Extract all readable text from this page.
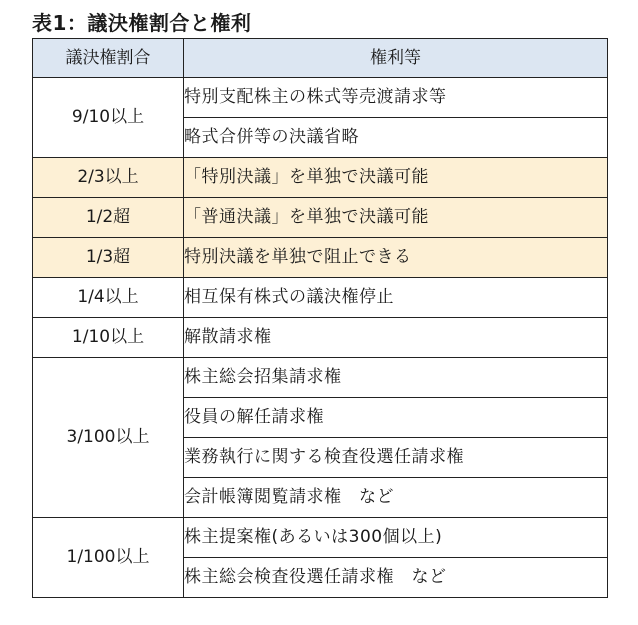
表1：議決権割合と権利
議決権割合	権利等
9/10以上	特別支配株主の株式等売渡請求等
	略式合併等の決議省略
2/3以上	「特別決議」を単独で決議可能
1/2超	「普通決議」を単独で決議可能
1/3超	特別決議を単独で阻止できる
1/4以上	相互保有株式の議決権停止
1/10以上	解散請求権
3/100以上	株主総会招集請求権
	役員の解任請求権
	業務執行に関する検査役選任請求権
	会計帳簿閲覧請求権　など
1/100以上	株主提案権(あるいは300個以上)
	株主総会検査役選任請求権　など
